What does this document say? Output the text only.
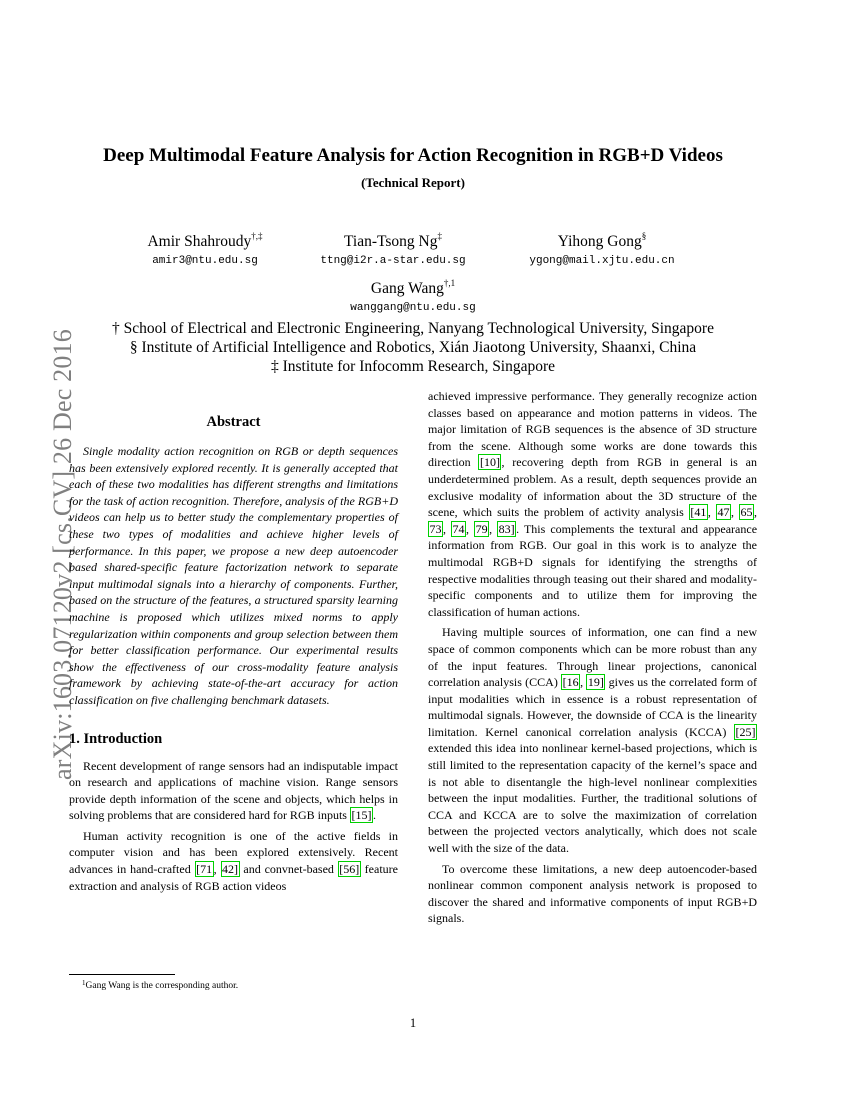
arXiv:1603.07120v2 [cs.CV] 26 Dec 2016
Deep Multimodal Feature Analysis for Action Recognition in RGB+D Videos
(Technical Report)
Amir Shahroudy†,‡
amir3@ntu.edu.sg
Tian-Tsong Ng‡
ttng@i2r.a-star.edu.sg
Yihong Gong§
ygong@mail.xjtu.edu.cn
Gang Wang$^{\dagger,1}$
wanggang@ntu.edu.sg
† School of Electrical and Electronic Engineering, Nanyang Technological University, Singapore
§ Institute of Artificial Intelligence and Robotics, Xián Jiaotong University, Shaanxi, China
‡ Institute for Infocomm Research, Singapore
Abstract

Single modality action recognition on RGB or depth sequences has been extensively explored recently. It is generally accepted that each of these two modalities has different strengths and limitations for the task of action recognition. Therefore, analysis of the RGB+D videos can help us to better study the complementary properties of these two types of modalities and achieve higher levels of performance. In this paper, we propose a new deep autoencoder based shared-specific feature factorization network to separate input multimodal signals into a hierarchy of components. Further, based on the structure of the features, a structured sparsity learning machine is proposed which utilizes mixed norms to apply regularization within components and group selection between them for better classification performance. Our experimental results show the effectiveness of our cross-modality feature analysis framework by achieving state-of-the-art accuracy for action classification on five challenging benchmark datasets.

1. Introduction

Recent development of range sensors had an indisputable impact on research and applications of machine vision. Range sensors provide depth information of the scene and objects, which helps in solving problems that are considered hard for RGB inputs [15] .

Human activity recognition is one of the active fields in computer vision and has been explored extensively. Recent advances in hand-crafted [71 , 42] and convnet-based [56] feature extraction and analysis of RGB action videos

achieved impressive performance. They generally recognize action classes based on appearance and motion patterns in videos. The major limitation of RGB sequences is the absence of 3D structure from the scene. Although some works are done towards this direction [10] , recovering depth from RGB in general is an underdetermined problem. As a result, depth sequences provide an exclusive modality of information about the 3D structure of the scene, which suits the problem of activity analysis [41 , 47 , 65 , 73 , 74 , 79 , 83] . This complements the textural and appearance information from RGB. Our goal in this work is to analyze the multimodal RGB+D signals for identifying the strengths of respective modalities through teasing out their shared and modality-specific components and to utilize them for improving the classification of human actions.

Having multiple sources of information, one can find a new space of common components which can be more robust than any of the input features. Through linear projections, canonical correlation analysis (CCA) [16 , 19] gives us the correlated form of input modalities which in essence is a robust representation of multimodal signals. However, the downside of CCA is the linearity limitation. Kernel canonical correlation analysis (KCCA) [25] extended this idea into nonlinear kernel-based projections, which is still limited to the representation capacity of the kernel’s space and is not able to disentangle the high-level nonlinear complexities between the input modalities. Further, the traditional solutions of CCA and KCCA are to solve the maximization of correlation between the projected vectors analytically, which does not scale well with the size of the data.

To overcome these limitations, a new deep autoencoder-based nonlinear common component analysis network is proposed to discover the shared and informative components of input RGB+D signals.

$^1$Gang Wang is the corresponding author.
1
